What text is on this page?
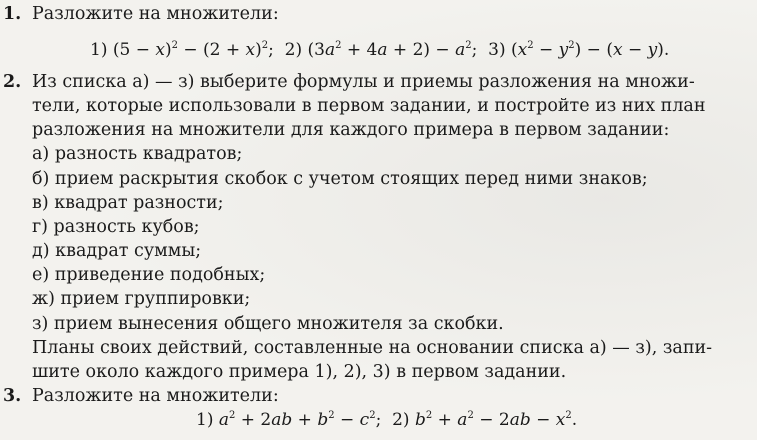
1. Разложите на множители:
1) $(5 - x)^2 - (2 + x)^2$;  2) $(3a^2 + 4a + 2) - a^2$;  3) $(x^2 - y^2) - (x - y)$.
2. Из списка а) — з) выберите формулы и приемы разложения на множи-
тели, которые использовали в первом задании, и постройте из них план
разложения на множители для каждого примера в первом задании:
а) разность квадратов;
б) прием раскрытия скобок с учетом стоящих перед ними знаков;
в) квадрат разности;
г) разность кубов;
д) квадрат суммы;
е) приведение подобных;
ж) прием группировки;
з) прием вынесения общего множителя за скобки.
Планы своих действий, составленные на основании списка а) — з), запи-
шите около каждого примера 1), 2), 3) в первом задании.
3. Разложите на множители:
1) $a^2 + 2ab + b^2 - c^2$;  2) $b^2 + a^2 - 2ab - x^2$.
